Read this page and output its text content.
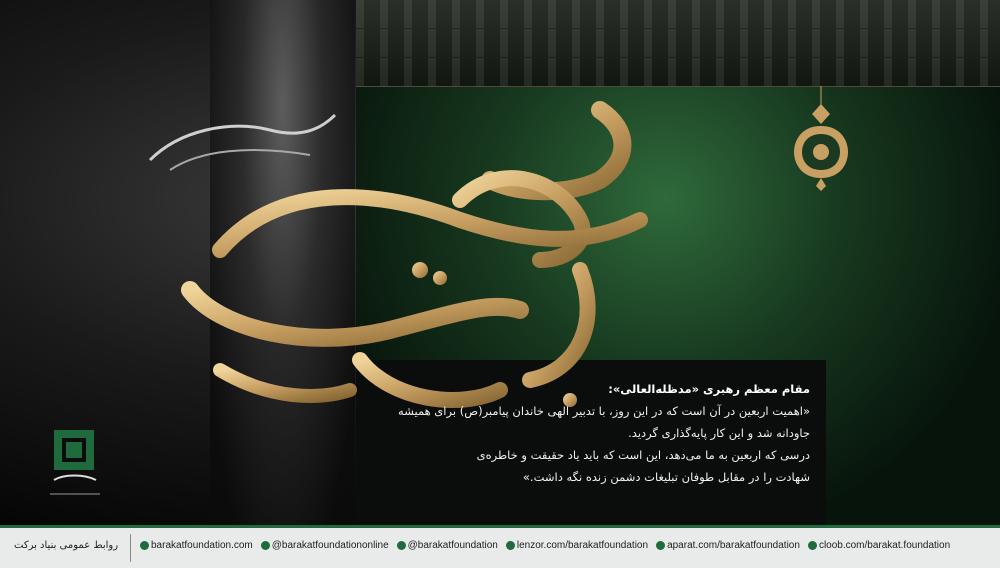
مقام معظم رهبری «مدظله‌العالی»:
«اهمیت اربعین در آن است که در این روز، با تدبیر الهی خاندان پیامبر(ص) برای همیشه
جاودانه شد و این کار پایه‌گذاری گردید.
درسی که اربعین به ما می‌دهد، این است که باید یاد حقیقت و خاطره‌ی
شهادت را در مقابل طوفان تبلیغات دشمن زنده نگه داشت.»
روابط عمومی بنیاد برکت	barakatfoundation.com @barakatfoundationonline @barakatfoundation lenzor.com/barakatfoundation aparat.com/barakatfoundation cloob.com/barakat.foundation
